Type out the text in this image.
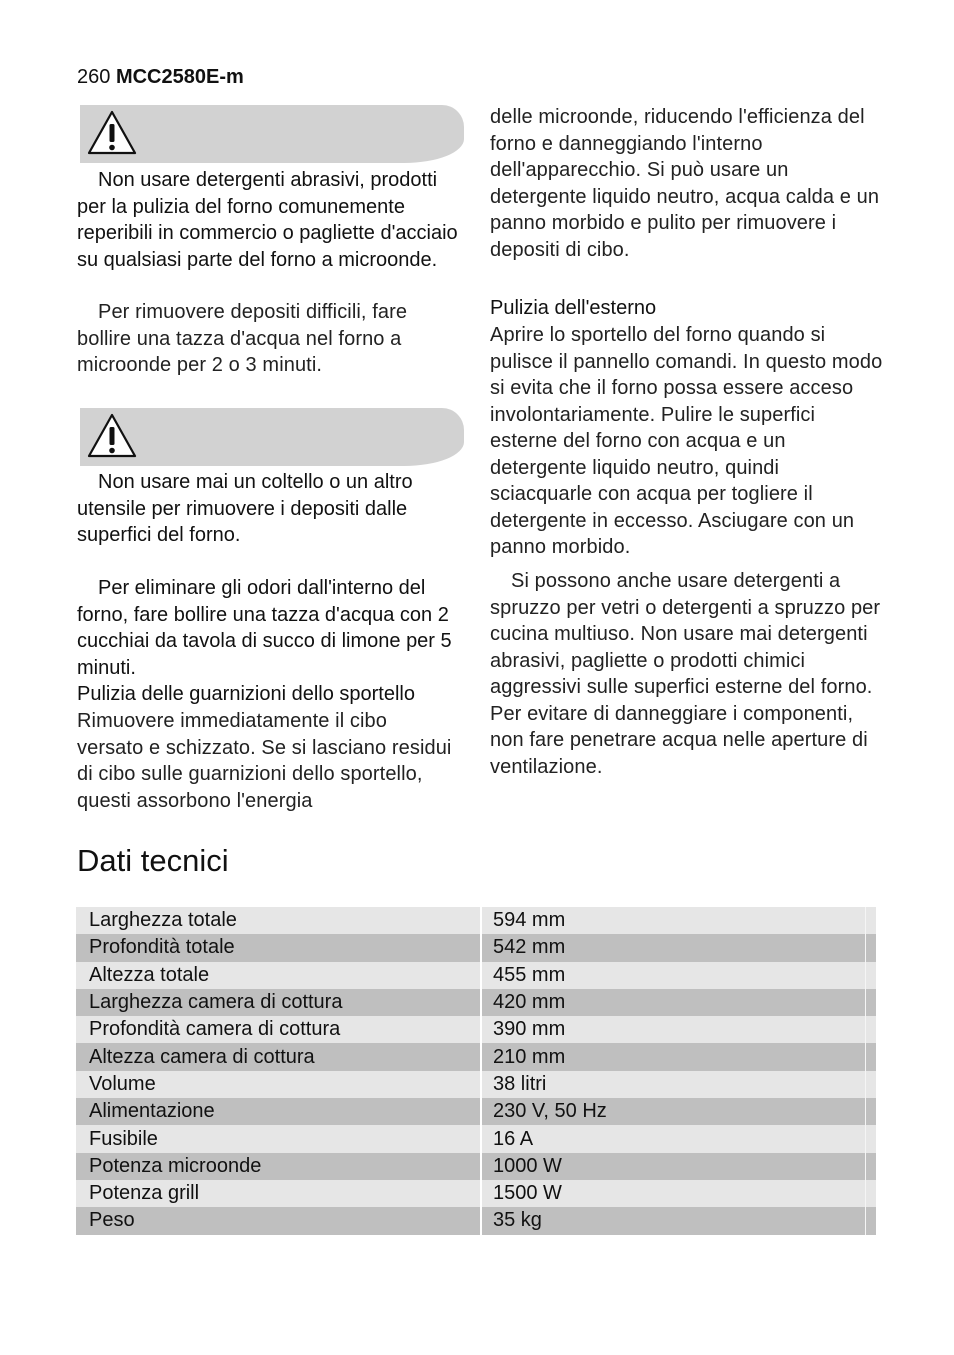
260 MCC2580E-m

Non usare detergenti abrasivi, prodotti per la pulizia del forno comunemente reperibili in commercio o pagliette d'acciaio su qualsiasi parte del forno a microonde.

Per rimuovere depositi difficili, fare bollire una tazza d'acqua nel forno a microonde per 2 o 3 minuti.

Non usare mai un coltello o un altro utensile per rimuovere i depositi dalle superfici del forno.

Per eliminare gli odori dall'interno del forno, fare bollire una tazza d'acqua con 2 cucchiai da tavola di succo di limone per 5 minuti.

Pulizia delle guarnizioni dello sportello

Rimuovere immediatamente il cibo versato e schizzato. Se si lasciano residui di cibo sulle guarnizioni dello sportello, questi assorbono l'energia

delle microonde, riducendo l'efficienza del forno e danneggiando l'interno dell'apparecchio. Si può usare un detergente liquido neutro, acqua calda e un panno morbido e pulito per rimuovere i depositi di cibo.

Pulizia dell'esterno

Aprire lo sportello del forno quando si pulisce il pannello comandi. In questo modo si evita che il forno possa essere acceso involontariamente. Pulire le superfici esterne del forno con acqua e un detergente liquido neutro, quindi sciacquarle con acqua per togliere il detergente in eccesso. Asciugare con un panno morbido.

Si possono anche usare detergenti a spruzzo per vetri o detergenti a spruzzo per cucina multiuso. Non usare mai detergenti abrasivi, pagliette o prodotti chimici aggressivi sulle superfici esterne del forno. Per evitare di danneggiare i componenti, non fare penetrare acqua nelle aperture di ventilazione.

Dati tecnici
Larghezza totale	594 mm	
Profondità totale	542 mm	
Altezza totale	455 mm	
Larghezza camera di cottura	420 mm	
Profondità camera di cottura	390 mm	
Altezza camera di cottura	210 mm	
Volume	38 litri	
Alimentazione	230 V, 50 Hz	
Fusibile	16 A	
Potenza microonde	1000 W	
Potenza grill	1500 W	
Peso	35 kg	
